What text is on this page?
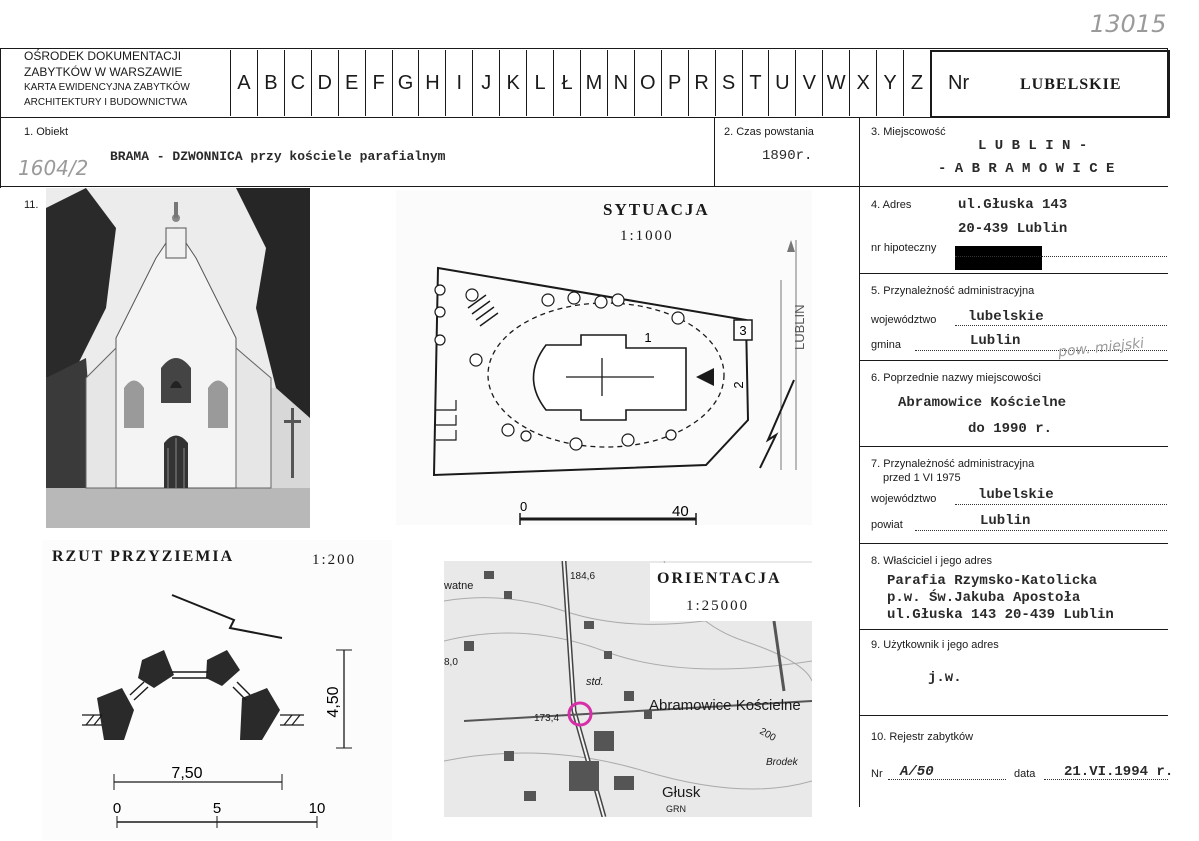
13015
OŚRODEK DOKUMENTACJI
ZABYTKÓW W WARSZAWIE
KARTA EWIDENCYJNA ZABYTKÓW
ARCHITEKTURY I BUDOWNICTWA
A B C D E F G H I J K L Ł M N O P R S T U V W X Y Z	Nr	LUBELSKIE
1. Obiekt
1604/2 BRAMA - DZWONNICA przy kościele parafialnym
2. Czas powstania
1890r.
3. Miejscowość
L U B L I N -
- A B R A M O W I C E
11.	SYTUACJA
1:1000
3
2
1	LUBLIN
0	40
RZUT PRZYZIEMIA	1:200
4,50
7,50
0	5	10
watne
8,0
184,6
173,4
200
std.
Abramowice Kościelne
Głusk
GRN
Brodek
ORIENTACJA
1:25000
4. Adres	ul.Głuska 143
20-439 Lublin
nr hipoteczny
5. Przynależność administracyjna
województwo lubelskie
gmina	Lublin	pow. miejski
6. Poprzednie nazwy miejscowości
Abramowice Kościelne
do 1990 r.
7. Przynależność administracyjna
przed 1 VI 1975
województwo	lubelskie
powiat	Lublin
8. Właściciel i jego adres
Parafia Rzymsko-Katolicka
p.w. Św.Jakuba Apostoła
ul.Głuska 143 20-439 Lublin
9. Użytkownik i jego adres
j.w.
10. Rejestr zabytków
Nr A/50	data 21.VI.1994 r.
